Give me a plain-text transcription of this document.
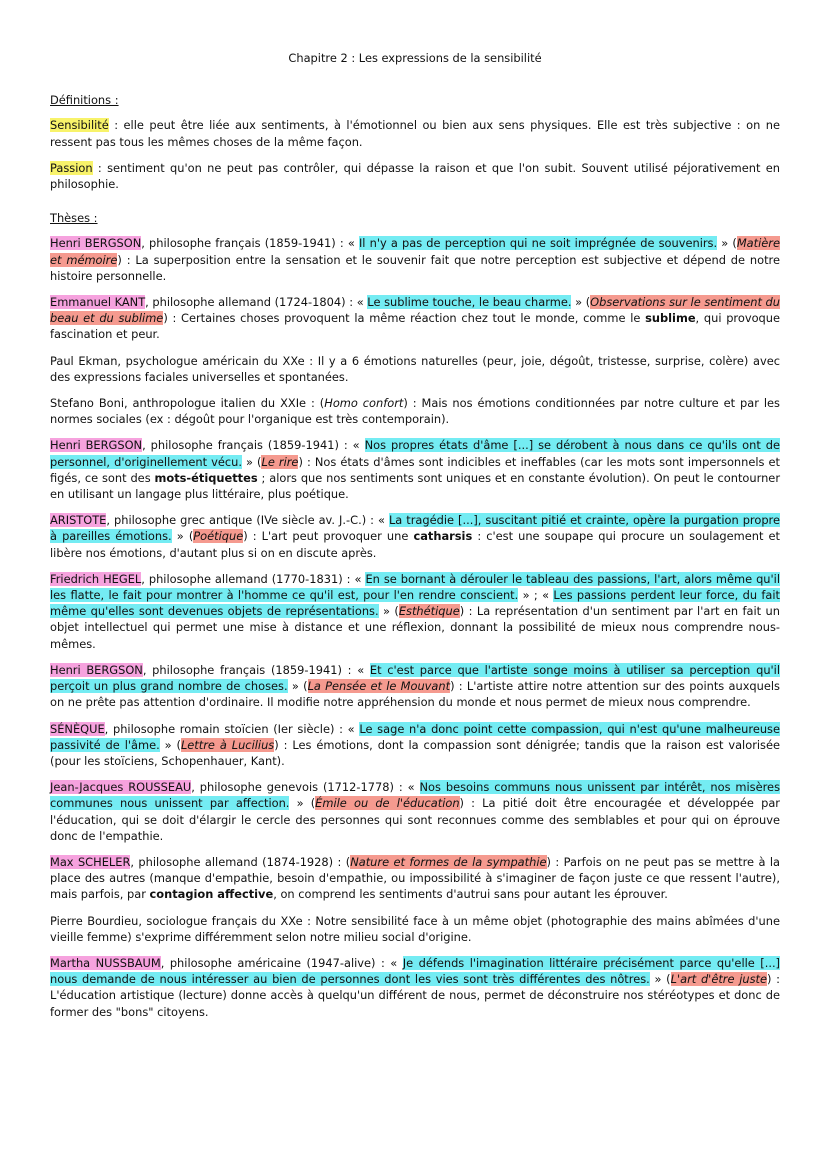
Chapitre 2 : Les expressions de la sensibilité
Définitions :

Sensibilité : elle peut être liée aux sentiments, à l'émotionnel ou bien aux sens physiques. Elle est très subjective : on ne ressent pas tous les mêmes choses de la même façon.

Passion : sentiment qu'on ne peut pas contrôler, qui dépasse la raison et que l'on subit. Souvent utilisé péjorativement en philosophie.

Thèses :

Henri BERGSON, philosophe français (1859-1941) : « Il n'y a pas de perception qui ne soit imprégnée de souvenirs. » (Matière et mémoire) : La superposition entre la sensation et le souvenir fait que notre perception est subjective et dépend de notre histoire personnelle.

Emmanuel KANT, philosophe allemand (1724-1804) : « Le sublime touche, le beau charme. » (Observations sur le sentiment du beau et du sublime) : Certaines choses provoquent la même réaction chez tout le monde, comme le sublime, qui provoque fascination et peur.

Paul Ekman, psychologue américain du XXe : Il y a 6 émotions naturelles (peur, joie, dégoût, tristesse, surprise, colère) avec des expressions faciales universelles et spontanées.

Stefano Boni, anthropologue italien du XXIe : (Homo confort) : Mais nos émotions conditionnées par notre culture et par les normes sociales (ex : dégoût pour l'organique est très contemporain).

Henri BERGSON, philosophe français (1859-1941) : « Nos propres états d'âme [...] se dérobent à nous dans ce qu'ils ont de personnel, d'originellement vécu. » (Le rire) : Nos états d'âmes sont indicibles et ineffables (car les mots sont impersonnels et figés, ce sont des mots-étiquettes ; alors que nos sentiments sont uniques et en constante évolution). On peut le contourner en utilisant un langage plus littéraire, plus poétique.

ARISTOTE, philosophe grec antique (IVe siècle av. J.-C.) : « La tragédie [...], suscitant pitié et crainte, opère la purgation propre à pareilles émotions. » (Poétique) : L'art peut provoquer une catharsis : c'est une soupape qui procure un soulagement et libère nos émotions, d'autant plus si on en discute après.

Friedrich HEGEL, philosophe allemand (1770-1831) : « En se bornant à dérouler le tableau des passions, l'art, alors même qu'il les flatte, le fait pour montrer à l'homme ce qu'il est, pour l'en rendre conscient. » ; « Les passions perdent leur force, du fait même qu'elles sont devenues objets de représentations. » (Esthétique) : La représentation d'un sentiment par l'art en fait un objet intellectuel qui permet une mise à distance et une réflexion, donnant la possibilité de mieux nous comprendre nous-mêmes.

Henri BERGSON, philosophe français (1859-1941) : « Et c'est parce que l'artiste songe moins à utiliser sa perception qu'il perçoit un plus grand nombre de choses. » (La Pensée et le Mouvant) : L'artiste attire notre attention sur des points auxquels on ne prête pas attention d'ordinaire. Il modifie notre appréhension du monde et nous permet de mieux nous comprendre.

SÉNÈQUE, philosophe romain stoïcien (Ier siècle) : « Le sage n'a donc point cette compassion, qui n'est qu'une malheureuse passivité de l'âme. » (Lettre à Lucilius) : Les émotions, dont la compassion sont dénigrée; tandis que la raison est valorisée (pour les stoïciens, Schopenhauer, Kant).

Jean-Jacques ROUSSEAU, philosophe genevois (1712-1778) : « Nos besoins communs nous unissent par intérêt, nos misères communes nous unissent par affection. » (Émile ou de l'éducation) : La pitié doit être encouragée et développée par l'éducation, qui se doit d'élargir le cercle des personnes qui sont reconnues comme des semblables et pour qui on éprouve donc de l'empathie.

Max SCHELER, philosophe allemand (1874-1928) : (Nature et formes de la sympathie) : Parfois on ne peut pas se mettre à la place des autres (manque d'empathie, besoin d'empathie, ou impossibilité à s'imaginer de façon juste ce que ressent l'autre), mais parfois, par contagion affective, on comprend les sentiments d'autrui sans pour autant les éprouver.

Pierre Bourdieu, sociologue français du XXe : Notre sensibilité face à un même objet (photographie des mains abîmées d'une vieille femme) s'exprime différemment selon notre milieu social d'origine.

Martha NUSSBAUM, philosophe américaine (1947-alive) : « Je défends l'imagination littéraire précisément parce qu'elle [...] nous demande de nous intéresser au bien de personnes dont les vies sont très différentes des nôtres. » (L'art d'être juste) : L'éducation artistique (lecture) donne accès à quelqu'un différent de nous, permet de déconstruire nos stéréotypes et donc de former des "bons" citoyens.
